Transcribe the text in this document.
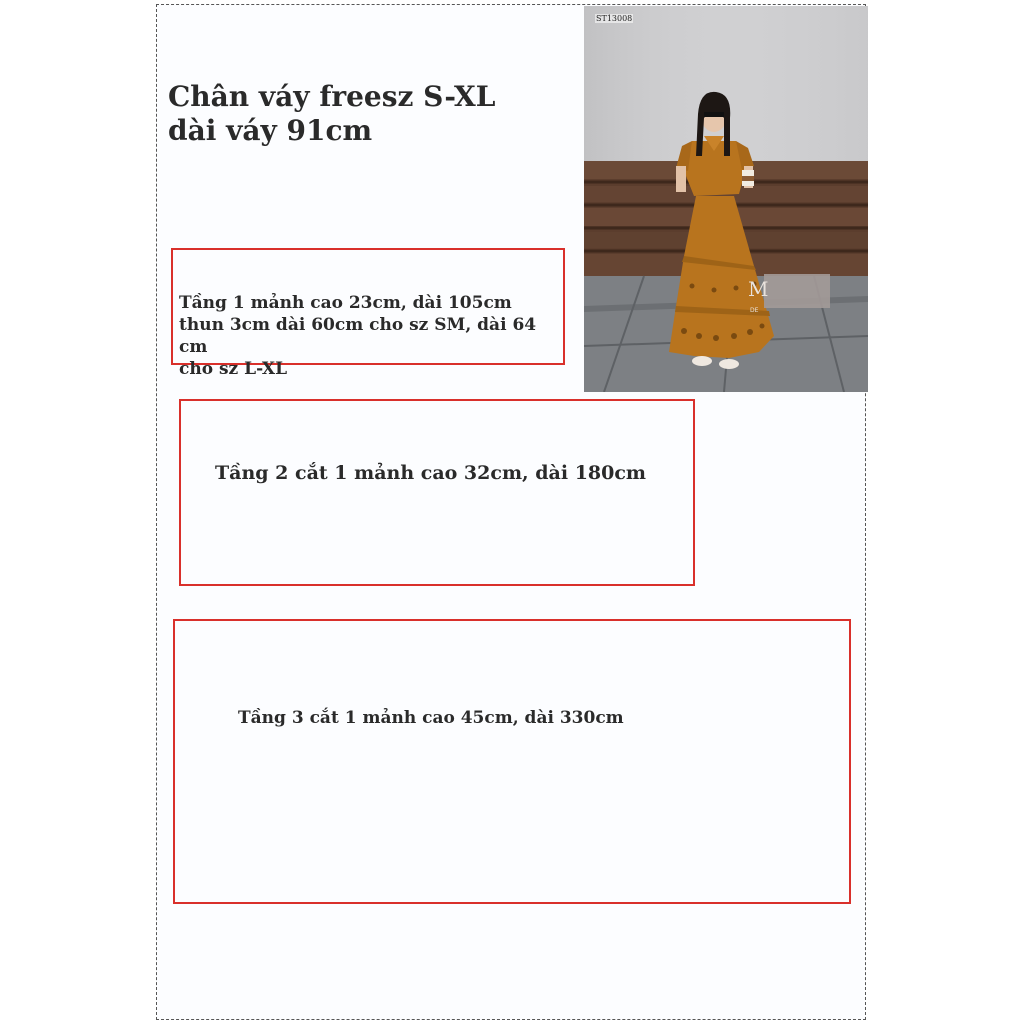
Chân váy freesz S-XL
dài váy 91cm
Tầng 1 mảnh cao 23cm, dài 105cm
thun 3cm dài 60cm cho sz SM, dài 64 cm
cho sz L-XL
Tầng 2 cắt 1 mảnh cao 32cm, dài 180cm
Tầng 3 cắt 1 mảnh cao 45cm, dài 330cm
M
DE
ST13008
